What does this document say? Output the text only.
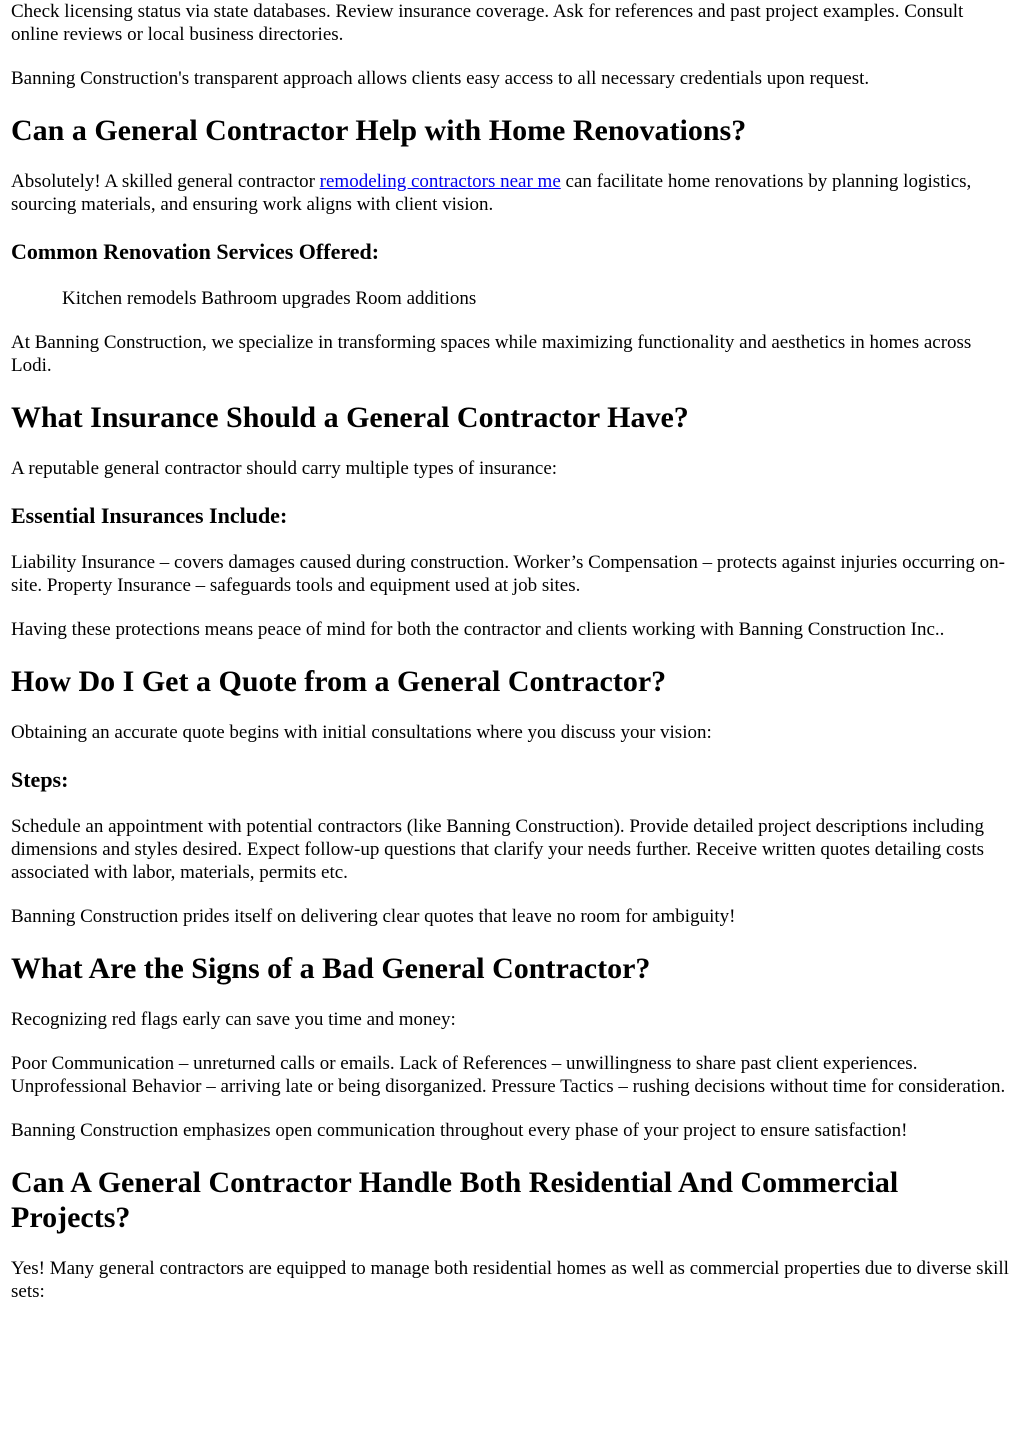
Check licensing status via state databases. Review insurance coverage. Ask for references and past project examples. Consult online reviews or local business directories.

Banning Construction's transparent approach allows clients easy access to all necessary credentials upon request.

Can a General Contractor Help with Home Renovations?

Absolutely! A skilled general contractor remodeling contractors near me can facilitate home renovations by planning logistics, sourcing materials, and ensuring work aligns with client vision.

Common Renovation Services Offered:

Kitchen remodels Bathroom upgrades Room additions

At Banning Construction, we specialize in transforming spaces while maximizing functionality and aesthetics in homes across Lodi.

What Insurance Should a General Contractor Have?

A reputable general contractor should carry multiple types of insurance:

Essential Insurances Include:

Liability Insurance – covers damages caused during construction. Worker’s Compensation – protects against injuries occurring on-site. Property Insurance – safeguards tools and equipment used at job sites.

Having these protections means peace of mind for both the contractor and clients working with Banning Construction Inc..

How Do I Get a Quote from a General Contractor?

Obtaining an accurate quote begins with initial consultations where you discuss your vision:

Steps:

Schedule an appointment with potential contractors (like Banning Construction). Provide detailed project descriptions including dimensions and styles desired. Expect follow-up questions that clarify your needs further. Receive written quotes detailing costs associated with labor, materials, permits etc.

Banning Construction prides itself on delivering clear quotes that leave no room for ambiguity!

What Are the Signs of a Bad General Contractor?

Recognizing red flags early can save you time and money:

Poor Communication – unreturned calls or emails. Lack of References – unwillingness to share past client experiences. Unprofessional Behavior – arriving late or being disorganized. Pressure Tactics – rushing decisions without time for consideration.

Banning Construction emphasizes open communication throughout every phase of your project to ensure satisfaction!

Can A General Contractor Handle Both Residential And Commercial Projects?

Yes! Many general contractors are equipped to manage both residential homes as well as commercial properties due to diverse skill sets:
